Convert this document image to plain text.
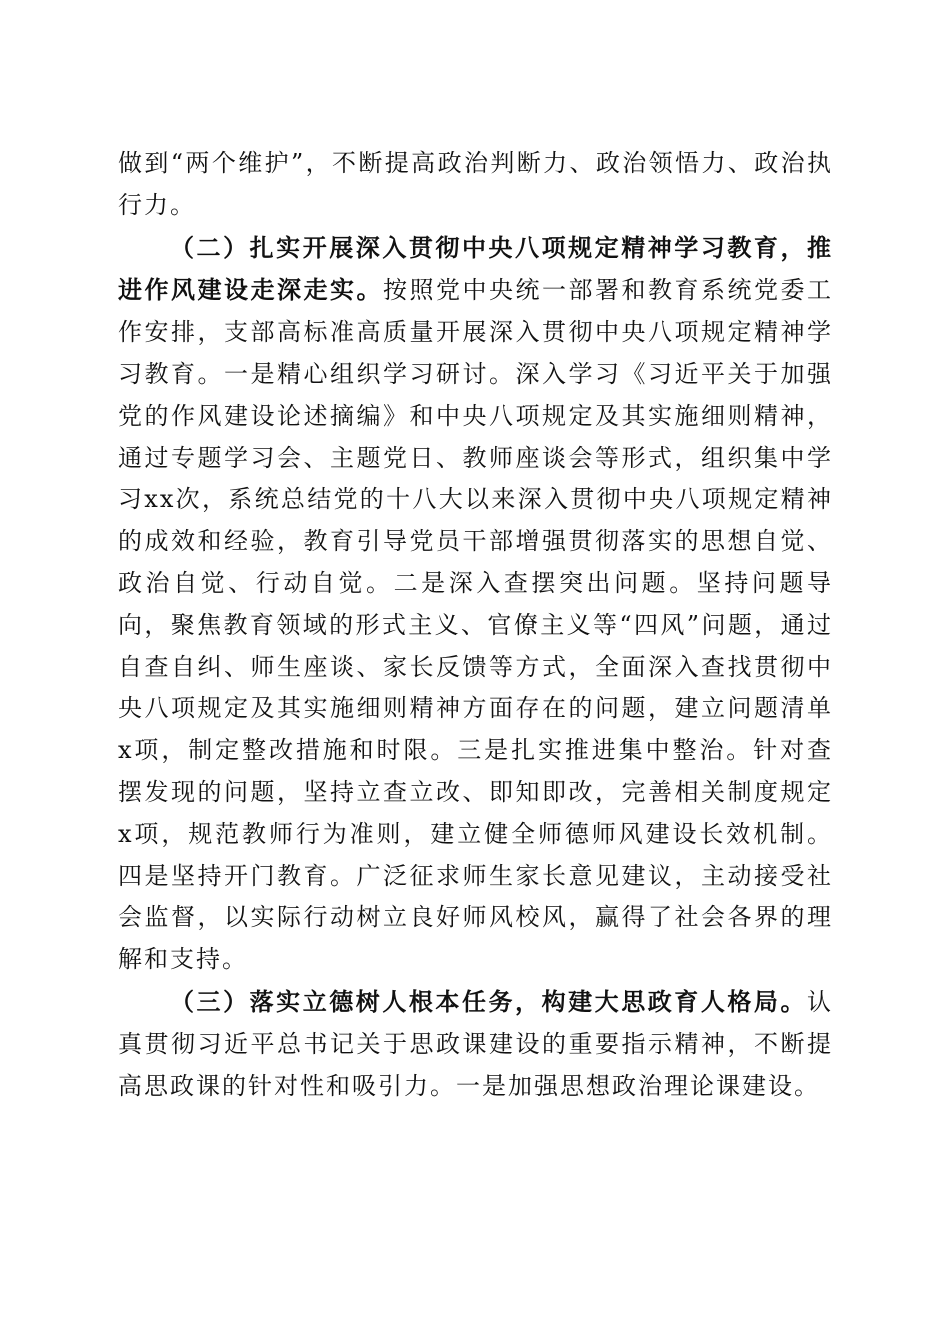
做到“两个维护”，不断提高政治判断力、政治领悟力、政治执行力。

（二）扎实开展深入贯彻中央八项规定精神学习教育，推进作风建设走深走实。按照党中央统一部署和教育系统党委工作安排，支部高标准高质量开展深入贯彻中央八项规定精神学习教育。一是精心组织学习研讨。深入学习《习近平关于加强党的作风建设论述摘编》和中央八项规定及其实施细则精神，通过专题学习会、主题党日、教师座谈会等形式，组织集中学习xx次，系统总结党的十八大以来深入贯彻中央八项规定精神的成效和经验，教育引导党员干部增强贯彻落实的思想自觉、政治自觉、行动自觉。二是深入查摆突出问题。坚持问题导向，聚焦教育领域的形式主义、官僚主义等“四风”问题，通过自查自纠、师生座谈、家长反馈等方式，全面深入查找贯彻中央八项规定及其实施细则精神方面存在的问题，建立问题清单x项，制定整改措施和时限。三是扎实推进集中整治。针对查摆发现的问题，坚持立查立改、即知即改，完善相关制度规定x项，规范教师行为准则，建立健全师德师风建设长效机制。四是坚持开门教育。广泛征求师生家长意见建议，主动接受社会监督，以实际行动树立良好师风校风，赢得了社会各界的理解和支持。

（三）落实立德树人根本任务，构建大思政育人格局。认真贯彻习近平总书记关于思政课建设的重要指示精神，不断提高思政课的针对性和吸引力。一是加强思想政治理论课建设。
